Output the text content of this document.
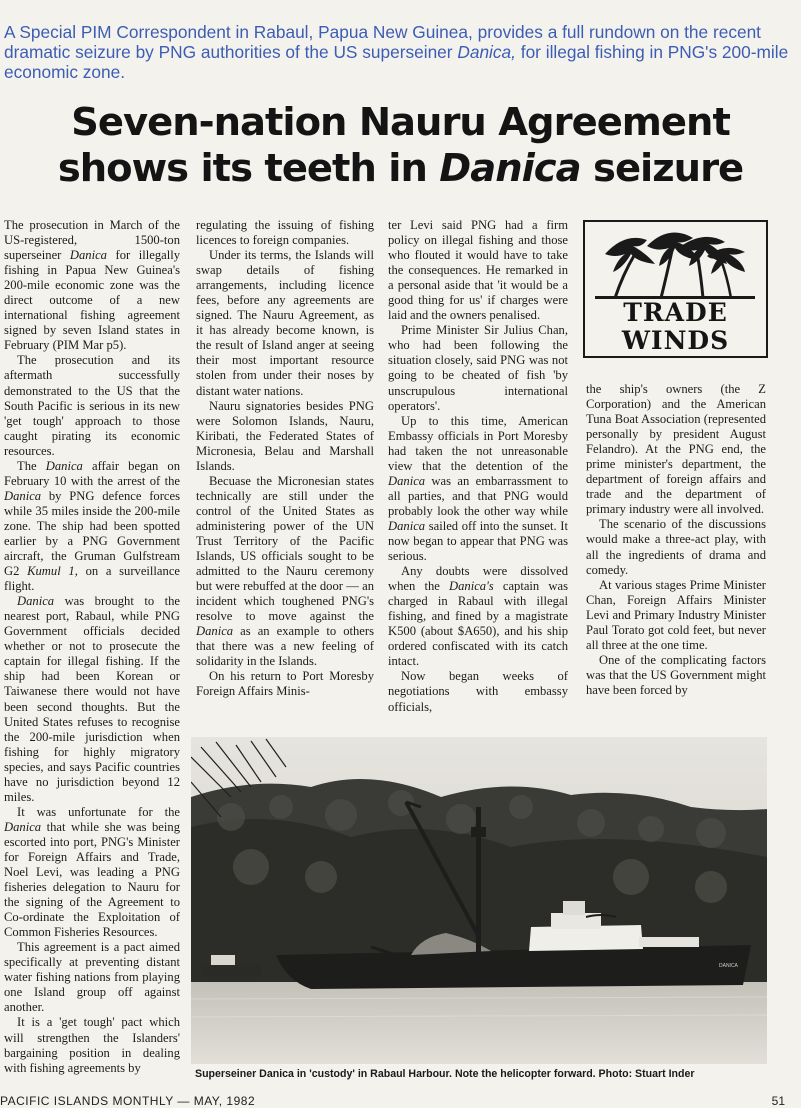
A Special PIM Correspondent in Rabaul, Papua New Guinea, provides a full rundown on the recent dramatic seizure by PNG authorities of the US superseiner Danica, for illegal fishing in PNG's 200-mile economic zone.
Seven-nation Nauru Agreement
shows its teeth in Danica seizure

The prosecution in March of the US-registered, 1500-ton superseiner Danica for illegally fishing in Papua New Guinea's 200-mile economic zone was the direct outcome of a new international fishing agreement signed by seven Island states in February (PIM Mar p5).

The prosecution and its aftermath successfully demonstrated to the US that the South Pacific is serious in its new 'get tough' approach to those caught pirating its economic resources.

The Danica affair began on February 10 with the arrest of the Danica by PNG defence forces while 35 miles inside the 200-mile zone. The ship had been spotted earlier by a PNG Government aircraft, the Gruman Gulfstream G2 Kumul 1, on a surveillance flight.

Danica was brought to the nearest port, Rabaul, while PNG Government officials decided whether or not to prosecute the captain for illegal fishing. If the ship had been Korean or Taiwanese there would not have been second thoughts. But the United States refuses to recognise the 200-mile jurisdiction when fishing for highly migratory species, and says Pacific countries have no jurisdiction beyond 12 miles.

It was unfortunate for the Danica that while she was being escorted into port, PNG's Minister for Foreign Affairs and Trade, Noel Levi, was leading a PNG fisheries delegation to Nauru for the signing of the Agreement to Co-ordinate the Exploitation of Common Fisheries Resources.

This agreement is a pact aimed specifically at preventing distant water fishing nations from playing one Island group off against another.

It is a 'get tough' pact which will strengthen the Islanders' bargaining position in dealing with fishing agreements by

regulating the issuing of fishing licences to foreign companies.

Under its terms, the Islands will swap details of fishing arrangements, including licence fees, before any agreements are signed. The Nauru Agreement, as it has already become known, is the result of Island anger at seeing their most important resource stolen from under their noses by distant water nations.

Nauru signatories besides PNG were Solomon Islands, Nauru, Kiribati, the Federated States of Micronesia, Belau and Marshall Islands.

Becuase the Micronesian states technically are still under the control of the United States as administering power of the UN Trust Territory of the Pacific Islands, US officials sought to be admitted to the Nauru ceremony but were rebuffed at the door — an incident which toughened PNG's resolve to move against the Danica as an example to others that there was a new feeling of solidarity in the Islands.

On his return to Port Moresby Foreign Affairs Minis-

ter Levi said PNG had a firm policy on illegal fishing and those who flouted it would have to take the consequences. He remarked in a personal aside that 'it would be a good thing for us' if charges were laid and the owners penalised.

Prime Minister Sir Julius Chan, who had been following the situation closely, said PNG was not going to be cheated of fish 'by unscrupulous international operators'.

Up to this time, American Embassy officials in Port Moresby had taken the not unreasonable view that the detention of the Danica was an embarrassment to all parties, and that PNG would probably look the other way while Danica sailed off into the sunset. It now began to appear that PNG was serious.

Any doubts were dissolved when the Danica's captain was charged in Rabaul with illegal fishing, and fined by a magistrate K500 (about $A650), and his ship ordered confiscated with its catch intact.

Now began weeks of negotiations with embassy officials,

TRADE
WINDS

the ship's owners (the Z Corporation) and the American Tuna Boat Association (represented personally by president August Felandro). At the PNG end, the prime minister's department, the department of foreign affairs and trade and the department of primary industry were all involved.

The scenario of the discussions would make a three-act play, with all the ingredients of drama and comedy.

At various stages Prime Minister Chan, Foreign Affairs Minister Levi and Primary Industry Minister Paul Torato got cold feet, but never all three at the one time.

One of the complicating factors was that the US Government might have been forced by

DANICA
Superseiner Danica in 'custody' in Rabaul Harbour. Note the helicopter forward. Photo: Stuart Inder
PACIFIC ISLANDS MONTHLY — MAY, 1982	51
